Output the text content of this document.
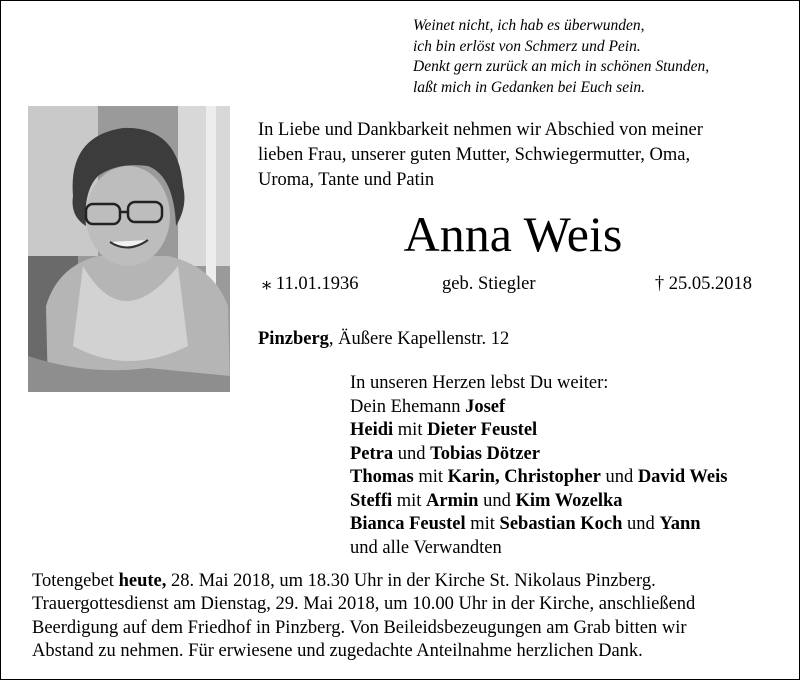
Weinet nicht, ich hab es überwunden,
ich bin erlöst von Schmerz und Pein.
Denkt gern zurück an mich in schönen Stunden,
laßt mich in Gedanken bei Euch sein.
In Liebe und Dankbarkeit nehmen wir Abschied von meiner
lieben Frau, unserer guten Mutter, Schwiegermutter, Oma,
Uroma, Tante und Patin
Anna Weis
⁎ 11.01.1936	geb. Stiegler	† 25.05.2018
Pinzberg, Äußere Kapellenstr. 12
In unseren Herzen lebst Du weiter:
Dein Ehemann Josef
Heidi mit Dieter Feustel
Petra und Tobias Dötzer
Thomas mit Karin, Christopher und David Weis
Steffi mit Armin und Kim Wozelka
Bianca Feustel mit Sebastian Koch und Yann
und alle Verwandten
Totengebet heute, 28. Mai 2018, um 18.30 Uhr in der Kirche St. Nikolaus Pinzberg.
Trauergottesdienst am Dienstag, 29. Mai 2018, um 10.00 Uhr in der Kirche, anschließend
Beerdigung auf dem Friedhof in Pinzberg. Von Beileidsbezeugungen am Grab bitten wir
Abstand zu nehmen. Für erwiesene und zugedachte Anteilnahme herzlichen Dank.
